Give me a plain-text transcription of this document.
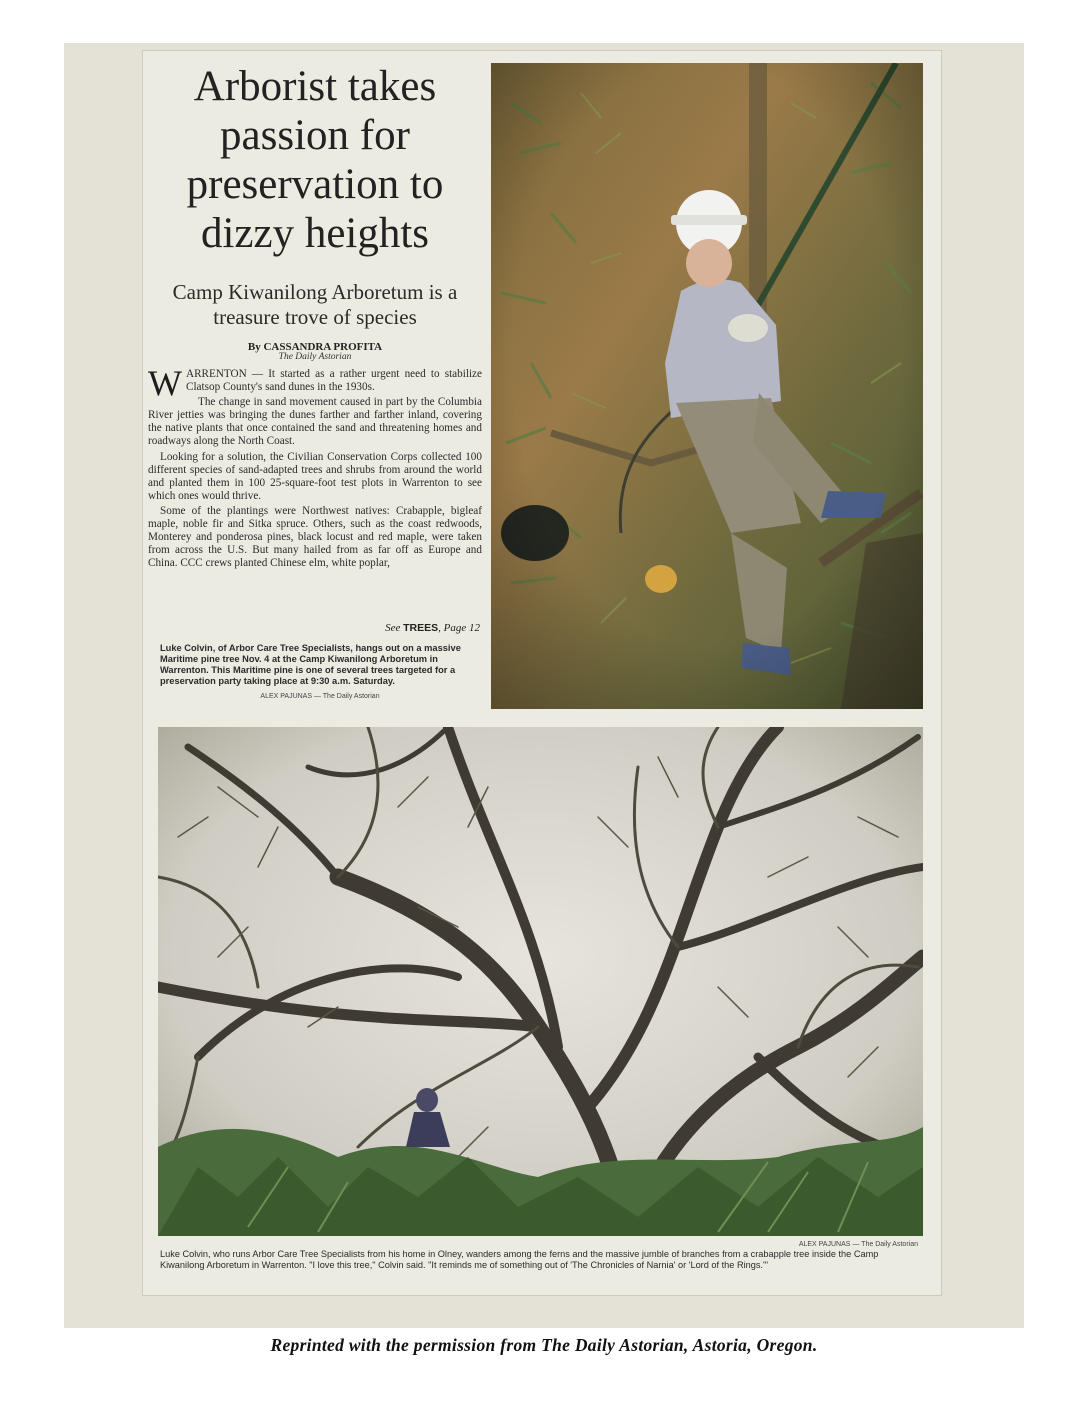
Arborist takes passion for preservation to dizzy heights
Camp Kiwanilong Arboretum is a treasure trove of species
By CASSANDRA PROFITA
The Daily Astorian

WARRENTON — It started as a rather urgent need to stabilize Clatsop County's sand dunes in the 1930s.

The change in sand movement caused in part by the Columbia River jetties was bringing the dunes farther and farther inland, covering the native plants that once contained the sand and threatening homes and roadways along the North Coast.

Looking for a solution, the Civilian Conservation Corps collected 100 different species of sand-adapted trees and shrubs from around the world and planted them in 100 25-square-foot test plots in Warrenton to see which ones would thrive.

Some of the plantings were Northwest natives: Crabapple, bigleaf maple, noble fir and Sitka spruce. Others, such as the coast redwoods, Monterey and ponderosa pines, black locust and red maple, were taken from across the U.S. But many hailed from as far off as Europe and China. CCC crews planted Chinese elm, white poplar,

See TREES, Page 12
Luke Colvin, of Arbor Care Tree Specialists, hangs out on a massive Maritime pine tree Nov. 4 at the Camp Kiwanilong Arboretum in Warrenton. This Maritime pine is one of several trees targeted for a preservation party taking place at 9:30 a.m. Saturday.
ALEX PAJUNAS — The Daily Astorian
ALEX PAJUNAS — The Daily Astorian
Luke Colvin, who runs Arbor Care Tree Specialists from his home in Olney, wanders among the ferns and the massive jumble of branches from a crabapple tree inside the Camp Kiwanilong Arboretum in Warrenton. "I love this tree," Colvin said. "It reminds me of something out of 'The Chronicles of Narnia' or 'Lord of the Rings.'"
Reprinted with the permission from The Daily Astorian, Astoria, Oregon.
